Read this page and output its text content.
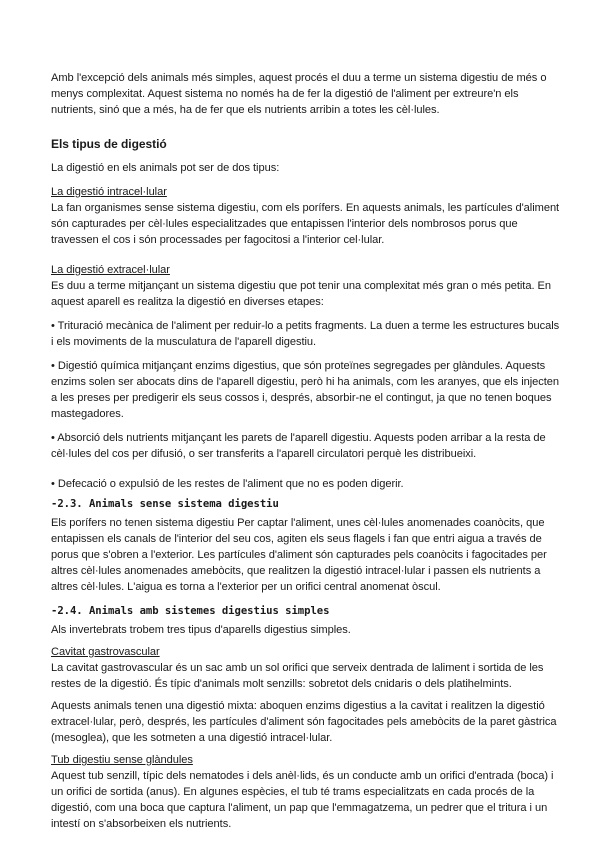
Amb l'excepció dels animals més simples, aquest procés el duu a terme un sistema digestiu de més o menys complexitat. Aquest sistema no només ha de fer la digestió de l'aliment per extreure'n els nutrients, sinó que a més, ha de fer que els nutrients arribin a totes les cèl·lules.

Els tipus de digestió

La digestió en els animals pot ser de dos tipus:

La digestió intracel·lular

La fan organismes sense sistema digestiu, com els porífers. En aquests animals, les partícules d'aliment són capturades per cèl·lules especialitzades que entapissen l'interior dels nombrosos porus que travessen el cos i són processades per fagocitosi a l'interior cel·lular.

La digestió extracel·lular

Es duu a terme mitjançant un sistema digestiu que pot tenir una complexitat més gran o més petita. En aquest aparell es realitza la digestió en diverses etapes:

• Trituració mecànica de l'aliment per reduir-lo a petits fragments. La duen a terme les estructures bucals i els moviments de la musculatura de l'aparell digestiu.

• Digestió química mitjançant enzims digestius, que són proteïnes segregades per glàndules. Aquests enzims solen ser abocats dins de l'aparell digestiu, però hi ha animals, com les aranyes, que els injecten a les preses per predigerir els seus cossos i, després, absorbir-ne el contingut, ja que no tenen boques mastegadores.

• Absorció dels nutrients mitjançant les parets de l'aparell digestiu. Aquests poden arribar a la resta de cèl·lules del cos per difusió, o ser transferits a l'aparell circulatori perquè les distribueixi.

• Defecació o expulsió de les restes de l'aliment que no es poden digerir.

-2.3. Animals sense sistema digestiu

Els porífers no tenen sistema digestiu Per captar l'aliment, unes cèl·lules anomenades coanòcits, que entapissen els canals de l'interior del seu cos, agiten els seus flagels i fan que entri aigua a través de porus que s'obren a l'exterior. Les partícules d'aliment són capturades pels coanòcits i fagocitades per altres cèl·lules anomenades amebòcits, que realitzen la digestió intracel·lular i passen els nutrients a altres cèl·lules. L'aigua es torna a l'exterior per un orifici central anomenat òscul.

-2.4. Animals amb sistemes digestius simples

Als invertebrats trobem tres tipus d'aparells digestius simples.

Cavitat gastrovascular

La cavitat gastrovascular és un sac amb un sol orifici que serveix dentrada de laliment i sortida de les restes de la digestió. És típic d'animals molt senzills: sobretot dels cnidaris o dels platihelmints.

Aquests animals tenen una digestió mixta: aboquen enzims digestius a la cavitat i realitzen la digestió extracel·lular, però, després, les partícules d'aliment són fagocitades pels amebòcits de la paret gàstrica (mesoglea), que les sotmeten a una digestió intracel·lular.

Tub digestiu sense glàndules

Aquest tub senzill, típic dels nematodes i dels anèl·lids, és un conducte amb un orifici d'entrada (boca) i un orifici de sortida (anus). En algunes espècies, el tub té trams especialitzats en cada procés de la digestió, com una boca que captura l'aliment, un pap que l'emmagatzema, un pedrer que el tritura i un intestí on s'absorbeixen els nutrients.
